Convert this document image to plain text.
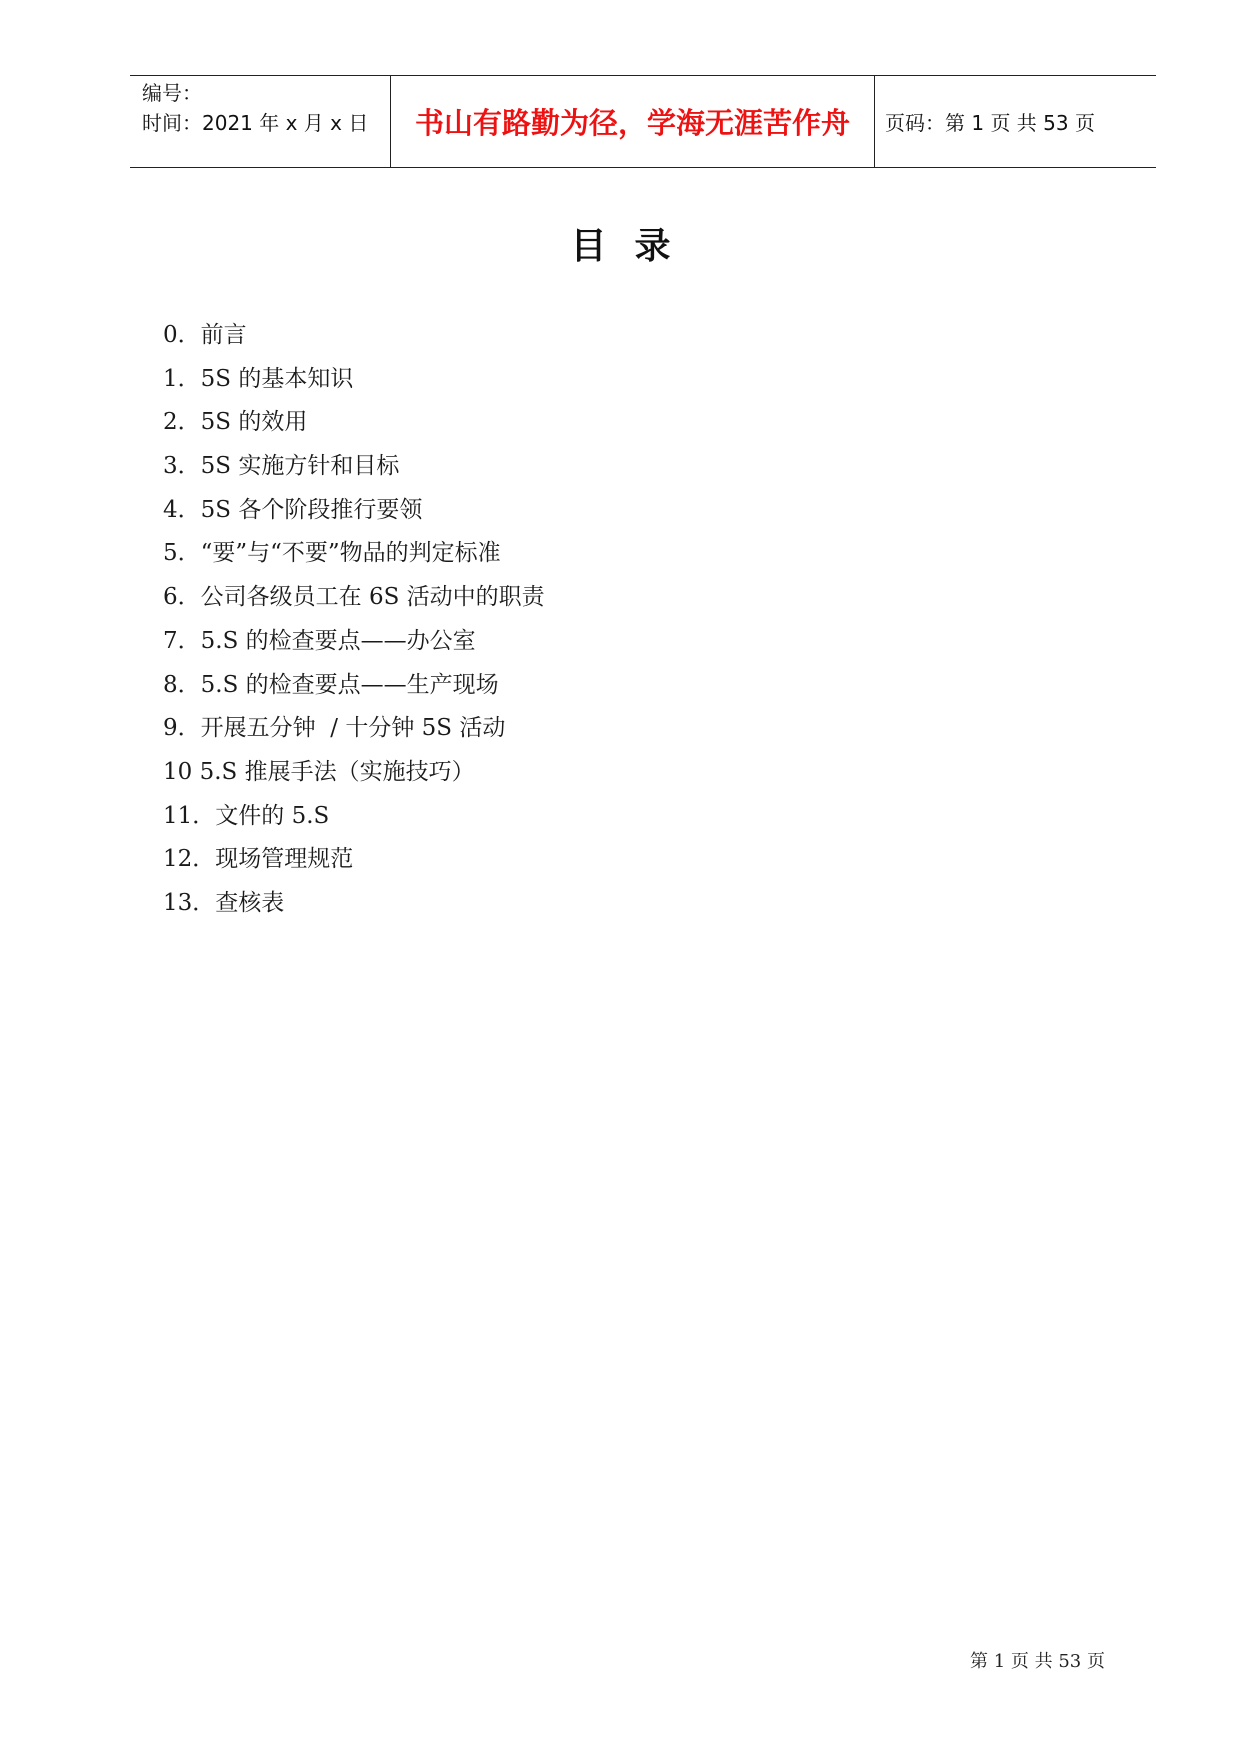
编号：
时间：2021 年 x 月 x 日	书山有路勤为径，学海无涯苦作舟	页码：第 1 页 共 53 页
目录
0．前言
1．5S 的基本知识
2．5S 的效用
3．5S 实施方针和目标
4．5S 各个阶段推行要领
5．“要”与“不要”物品的判定标准
6．公司各级员工在 6S 活动中的职责
7．5.S 的检查要点——办公室
8．5.S 的检查要点——生产现场
9．开展五分钟  / 十分钟 5S 活动
10 5.S 推展手法（实施技巧）
11．文件的 5.S
12．现场管理规范
13．查核表
第 1 页 共 53 页
